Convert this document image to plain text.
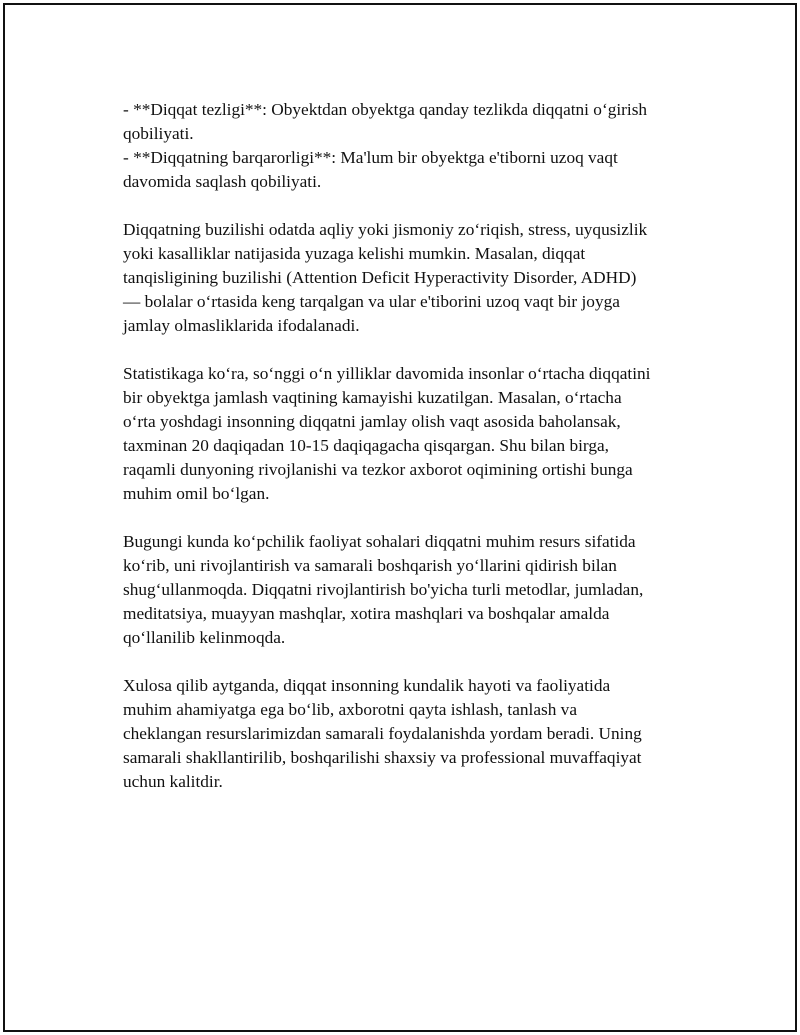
- **Diqqat tezligi**: Obyektdan obyektga qanday tezlikda diqqatni o‘girish
qobiliyati.
- **Diqqatning barqarorligi**: Ma'lum bir obyektga e'tiborni uzoq vaqt
davomida saqlash qobiliyati.
Diqqatning buzilishi odatda aqliy yoki jismoniy zo‘riqish, stress, uyqusizlik
yoki kasalliklar natijasida yuzaga kelishi mumkin. Masalan, diqqat
tanqisligining buzilishi (Attention Deficit Hyperactivity Disorder, ADHD)
— bolalar o‘rtasida keng tarqalgan va ular e'tiborini uzoq vaqt bir joyga
jamlay olmasliklarida ifodalanadi.
Statistikaga ko‘ra, so‘nggi o‘n yilliklar davomida insonlar o‘rtacha diqqatini
bir obyektga jamlash vaqtining kamayishi kuzatilgan. Masalan, o‘rtacha
o‘rta yoshdagi insonning diqqatni jamlay olish vaqt asosida baholansak,
taxminan 20 daqiqadan 10-15 daqiqagacha qisqargan. Shu bilan birga,
raqamli dunyoning rivojlanishi va tezkor axborot oqimining ortishi bunga
muhim omil bo‘lgan.
Bugungi kunda ko‘pchilik faoliyat sohalari diqqatni muhim resurs sifatida
ko‘rib, uni rivojlantirish va samarali boshqarish yo‘llarini qidirish bilan
shug‘ullanmoqda. Diqqatni rivojlantirish bo'yicha turli metodlar, jumladan,
meditatsiya, muayyan mashqlar, xotira mashqlari va boshqalar amalda
qo‘llanilib kelinmoqda.
Xulosa qilib aytganda, diqqat insonning kundalik hayoti va faoliyatida
muhim ahamiyatga ega bo‘lib, axborotni qayta ishlash, tanlash va
cheklangan resurslarimizdan samarali foydalanishda yordam beradi. Uning
samarali shakllantirilib, boshqarilishi shaxsiy va professional muvaffaqiyat
uchun kalitdir.
